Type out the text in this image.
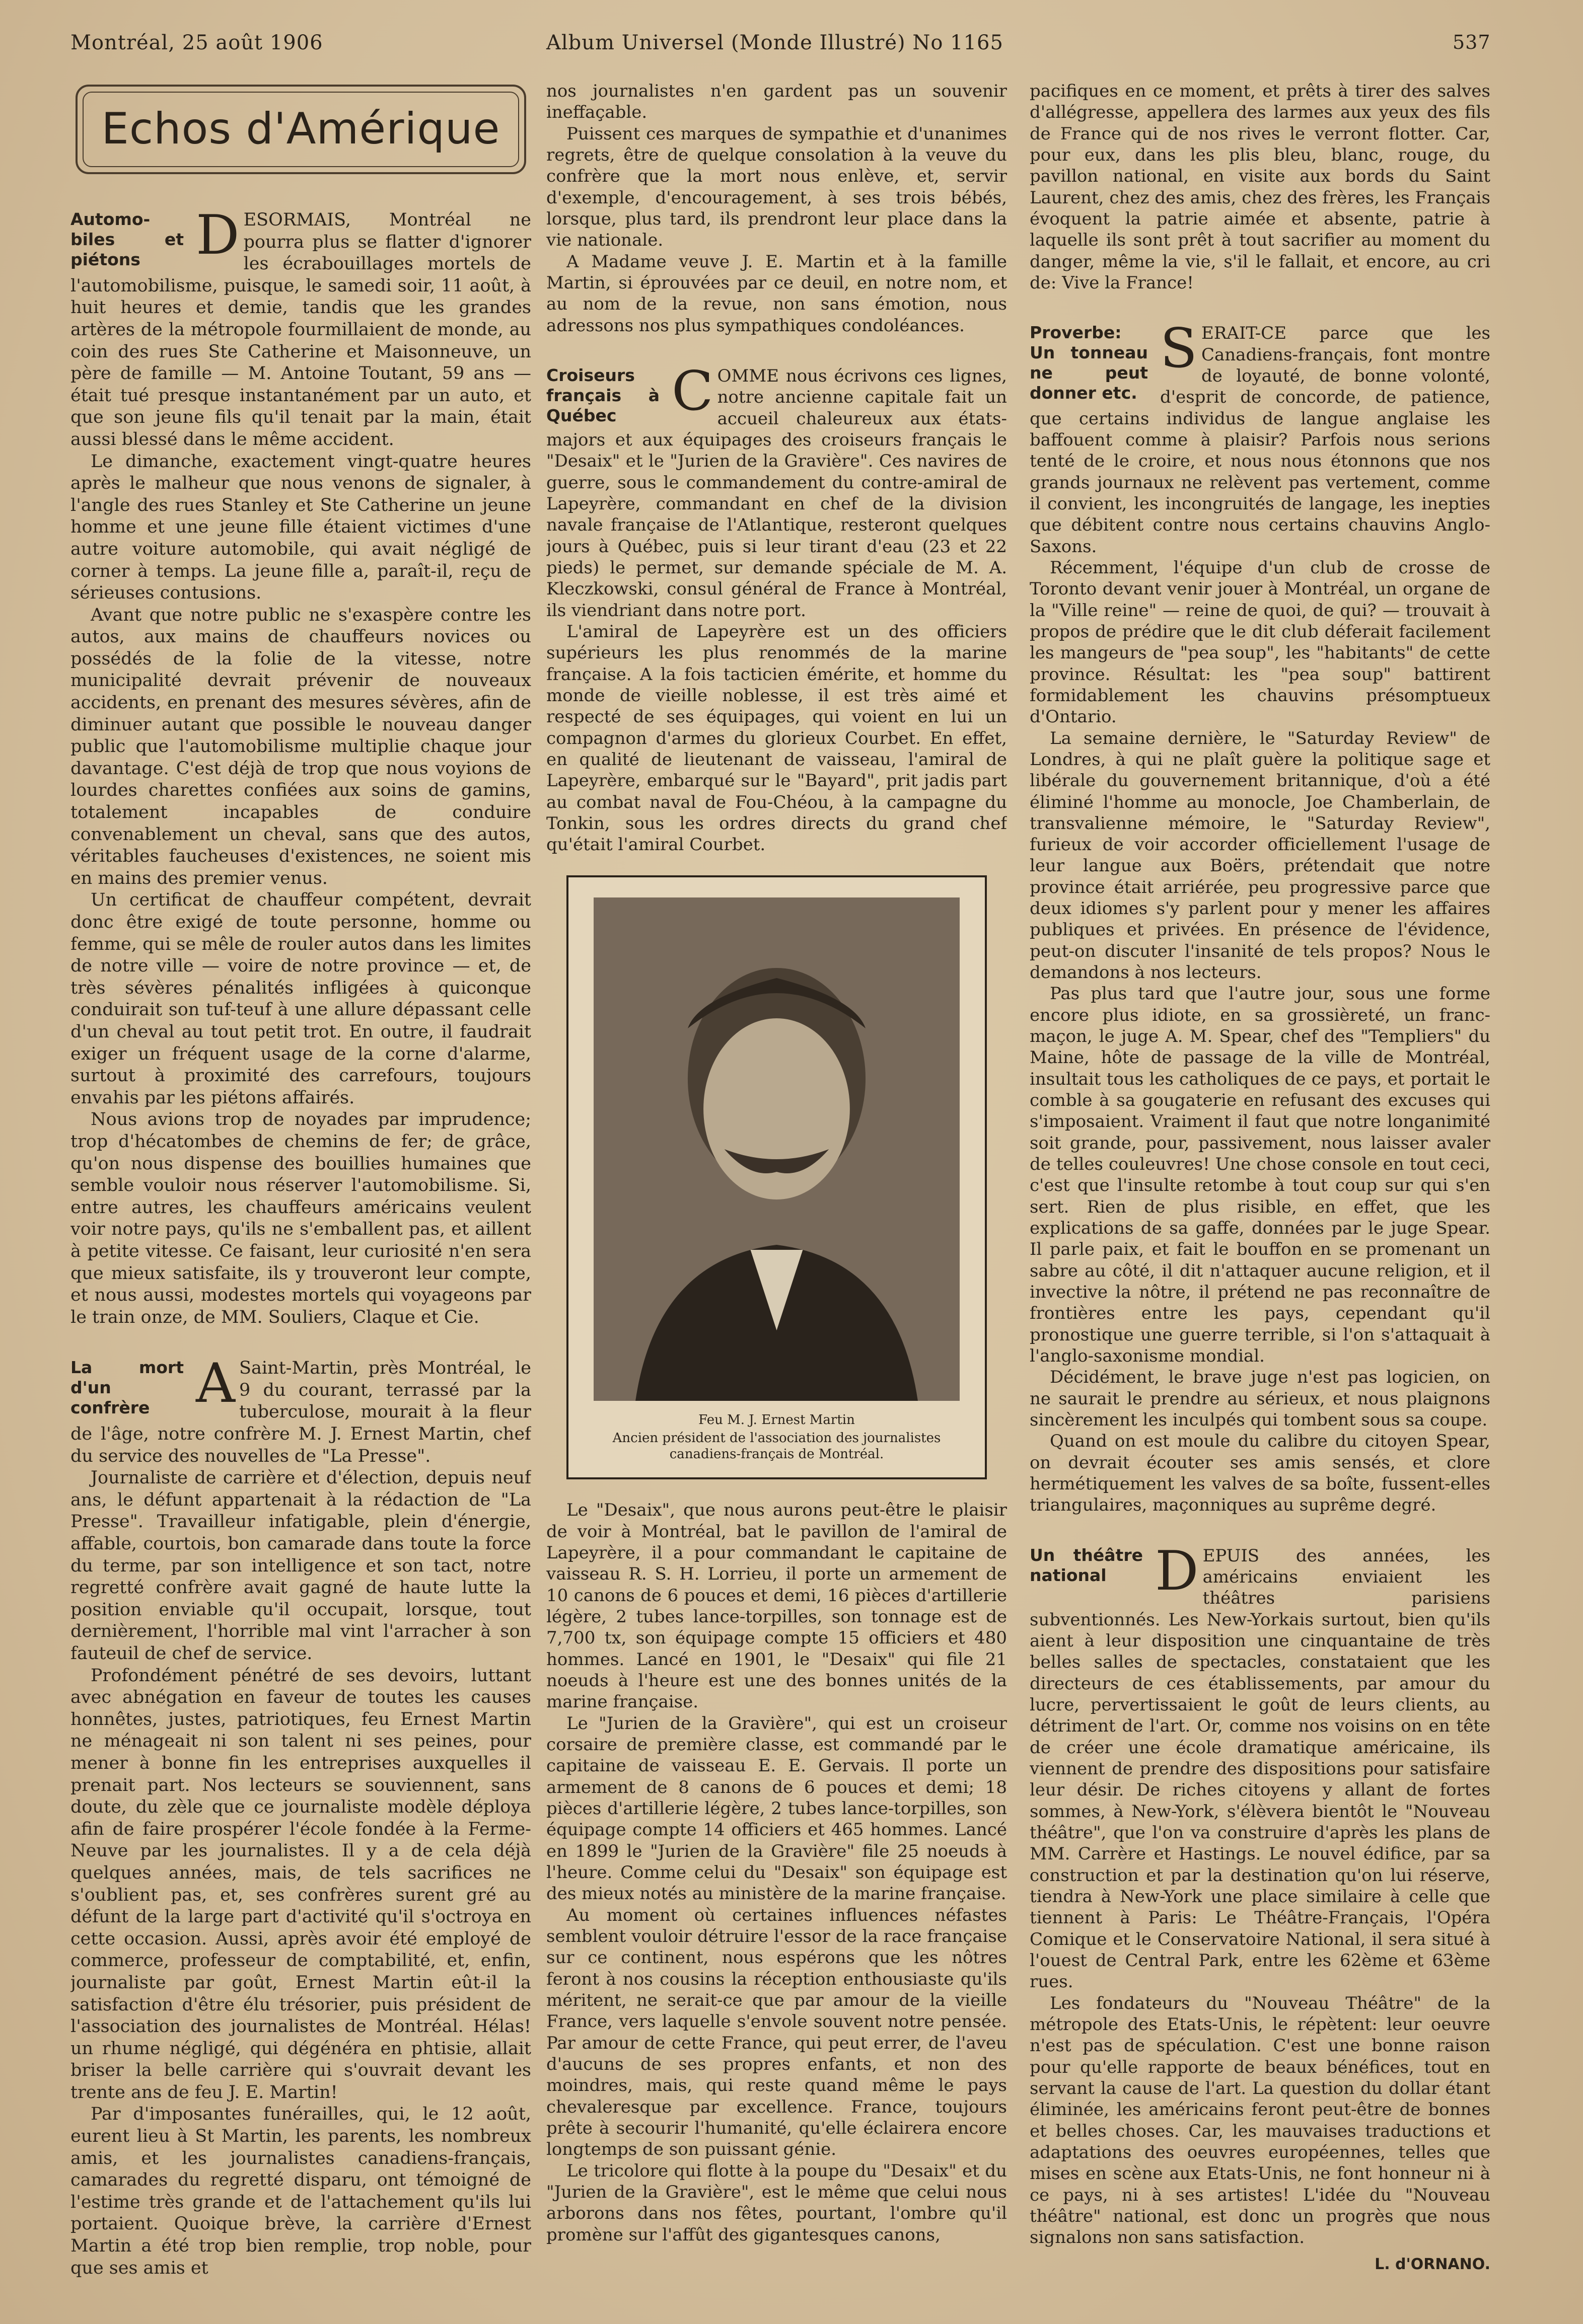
Montréal, 25 août 1906	Album Universel (Monde Illustré) No 1165	537
Echos d'Amérique
Automo-biles et piétons	D ESORMAIS, Montréal ne pourra plus se flatter d'ignorer les écrabouillages mortels de l'automobilisme, puisque, le samedi soir, 11 août, à huit heures et demie, tandis que les grandes artères de la métropole fourmillaient de monde, au coin des rues Ste Catherine et Maisonneuve, un père de famille — M. Antoine Toutant, 59 ans — était tué presque instantanément par un auto, et que son jeune fils qu'il tenait par la main, était aussi blessé dans le même accident.

Le dimanche, exactement vingt-quatre heures après le malheur que nous venons de signaler, à l'angle des rues Stanley et Ste Catherine un jeune homme et une jeune fille étaient victimes d'une autre voiture automobile, qui avait négligé de corner à temps. La jeune fille a, paraît-il, reçu de sérieuses contusions.

Avant que notre public ne s'exaspère contre les autos, aux mains de chauffeurs novices ou possédés de la folie de la vitesse, notre municipalité devrait prévenir de nouveaux accidents, en prenant des mesures sévères, afin de diminuer autant que possible le nouveau danger public que l'automobilisme multiplie chaque jour davantage. C'est déjà de trop que nous voyions de lourdes charettes confiées aux soins de gamins, totalement incapables de conduire convenablement un cheval, sans que des autos, véritables faucheuses d'existences, ne soient mis en mains des premier venus.

Un certificat de chauffeur compétent, devrait donc être exigé de toute personne, homme ou femme, qui se mêle de rouler autos dans les limites de notre ville — voire de notre province — et, de très sévères pénalités infligées à quiconque conduirait son tuf-teuf à une allure dépassant celle d'un cheval au tout petit trot. En outre, il faudrait exiger un fréquent usage de la corne d'alarme, surtout à proximité des carrefours, toujours envahis par les piétons affairés.

Nous avions trop de noyades par imprudence; trop d'hécatombes de chemins de fer; de grâce, qu'on nous dispense des bouillies humaines que semble vouloir nous réserver l'automobilisme. Si, entre autres, les chauffeurs américains veulent voir notre pays, qu'ils ne s'emballent pas, et aillent à petite vitesse. Ce faisant, leur curiosité n'en sera que mieux satisfaite, ils y trouveront leur compte, et nous aussi, modestes mortels qui voyageons par le train onze, de MM. Souliers, Claque et Cie.

La mort d'un confrère A Saint-Martin, près Montréal, le 9 du courant, terrassé par la tuberculose, mourait à la fleur de l'âge, notre confrère M. J. Ernest Martin, chef du service des nouvelles de "La Presse".

Journaliste de carrière et d'élection, depuis neuf ans, le défunt appartenait à la rédaction de "La Presse". Travailleur infatigable, plein d'énergie, affable, courtois, bon camarade dans toute la force du terme, par son intelligence et son tact, notre regretté confrère avait gagné de haute lutte la position enviable qu'il occupait, lorsque, tout dernièrement, l'horrible mal vint l'arracher à son fauteuil de chef de service.

Profondément pénétré de ses devoirs, luttant avec abnégation en faveur de toutes les causes honnêtes, justes, patriotiques, feu Ernest Martin ne ménageait ni son talent ni ses peines, pour mener à bonne fin les entreprises auxquelles il prenait part. Nos lecteurs se souviennent, sans doute, du zèle que ce journaliste modèle déploya afin de faire prospérer l'école fondée à la Ferme-Neuve par les journalistes. Il y a de cela déjà quelques années, mais, de tels sacrifices ne s'oublient pas, et, ses confrères surent gré au défunt de la large part d'activité qu'il s'octroya en cette occasion. Aussi, après avoir été employé de commerce, professeur de comptabilité, et, enfin, journaliste par goût, Ernest Martin eût-il la satisfaction d'être élu trésorier, puis président de l'association des journalistes de Montréal. Hélas! un rhume négligé, qui dégénéra en phtisie, allait briser la belle carrière qui s'ouvrait devant les trente ans de feu J. E. Martin!

Par d'imposantes funérailles, qui, le 12 août, eurent lieu à St Martin, les parents, les nombreux amis, et les journalistes canadiens-français, camarades du regretté disparu, ont témoigné de l'estime très grande et de l'attachement qu'ils lui portaient. Quoique brève, la carrière d'Ernest Martin a été trop bien remplie, trop noble, pour que ses amis et

nos journalistes n'en gardent pas un souvenir ineffaçable.

Puissent ces marques de sympathie et d'unanimes regrets, être de quelque consolation à la veuve du confrère que la mort nous enlève, et, servir d'exemple, d'encouragement, à ses trois bébés, lorsque, plus tard, ils prendront leur place dans la vie nationale.

A Madame veuve J. E. Martin et à la famille Martin, si éprouvées par ce deuil, en notre nom, et au nom de la revue, non sans émotion, nous adressons nos plus sympathiques condoléances.

Croiseurs français à Québec	C OMME nous écrivons ces lignes, notre ancienne capitale fait un accueil chaleureux aux états-majors et aux équipages des croiseurs français le "Desaix" et le "Jurien de la Gravière". Ces navires de guerre, sous le commandement du contre-amiral de Lapeyrère, commandant en chef de la division navale française de l'Atlantique, resteront quelques jours à Québec, puis si leur tirant d'eau (23 et 22 pieds) le permet, sur demande spéciale de M. A. Kleczkowski, consul général de France à Montréal, ils viendriant dans notre port.

L'amiral de Lapeyrère est un des officiers supérieurs les plus renommés de la marine française. A la fois tacticien émérite, et homme du monde de vieille noblesse, il est très aimé et respecté de ses équipages, qui voient en lui un compagnon d'armes du glorieux Courbet. En effet, en qualité de lieutenant de vaisseau, l'amiral de Lapeyrère, embarqué sur le "Bayard", prit jadis part au combat naval de Fou-Chéou, à la campagne du Tonkin, sous les ordres directs du grand chef qu'était l'amiral Courbet.

Feu M. J. Ernest Martin
Ancien président de l'association des journalistes canadiens-français de Montréal.

Le "Desaix", que nous aurons peut-être le plaisir de voir à Montréal, bat le pavillon de l'amiral de Lapeyrère, il a pour commandant le capitaine de vaisseau R. S. H. Lorrieu, il porte un armement de 10 canons de 6 pouces et demi, 16 pièces d'artillerie légère, 2 tubes lance-torpilles, son tonnage est de 7,700 tx, son équipage compte 15 officiers et 480 hommes. Lancé en 1901, le "Desaix" qui file 21 noeuds à l'heure est une des bonnes unités de la marine française.

Le "Jurien de la Gravière", qui est un croiseur corsaire de première classe, est commandé par le capitaine de vaisseau E. E. Gervais. Il porte un armement de 8 canons de 6 pouces et demi; 18 pièces d'artillerie légère, 2 tubes lance-torpilles, son équipage compte 14 officiers et 465 hommes. Lancé en 1899 le "Jurien de la Gravière" file 25 noeuds à l'heure. Comme celui du "Desaix" son équipage est des mieux notés au ministère de la marine française.

Au moment où certaines influences néfastes semblent vouloir détruire l'essor de la race française sur ce continent, nous espérons que les nôtres feront à nos cousins la réception enthousiaste qu'ils méritent, ne serait-ce que par amour de la vieille France, vers laquelle s'envole souvent notre pensée. Par amour de cette France, qui peut errer, de l'aveu d'aucuns de ses propres enfants, et non des moindres, mais, qui reste quand même le pays chevaleresque par excellence. France, toujours prête à secourir l'humanité, qu'elle éclairera encore longtemps de son puissant génie.

Le tricolore qui flotte à la poupe du "Desaix" et du "Jurien de la Gravière", est le même que celui nous arborons dans nos fêtes, pourtant, l'ombre qu'il promène sur l'affût des gigantesques canons,

pacifiques en ce moment, et prêts à tirer des salves d'allégresse, appellera des larmes aux yeux des fils de France qui de nos rives le verront flotter. Car, pour eux, dans les plis bleu, blanc, rouge, du pavillon national, en visite aux bords du Saint Laurent, chez des amis, chez des frères, les Français évoquent la patrie aimée et absente, patrie à laquelle ils sont prêt à tout sacrifier au moment du danger, même la vie, s'il le fallait, et encore, au cri de: Vive la France!

Proverbe: Un tonneau ne peut donner etc.
S ERAIT-CE parce que les Canadiens-français, font montre de loyauté, de bonne volonté, d'esprit de concorde, de patience, que certains individus de langue anglaise les baffouent comme à plaisir? Parfois nous serions tenté de le croire, et nous nous étonnons que nos grands journaux ne relèvent pas vertement, comme il convient, les incongruités de langage, les inepties que débitent contre nous certains chauvins Anglo-Saxons.

Récemment, l'équipe d'un club de crosse de Toronto devant venir jouer à Montréal, un organe de la "Ville reine" — reine de quoi, de qui? — trouvait à propos de prédire que le dit club déferait facilement les mangeurs de "pea soup", les "habitants" de cette province. Résultat: les "pea soup" battirent formidablement les chauvins présomptueux d'Ontario.

La semaine dernière, le "Saturday Review" de Londres, à qui ne plaît guère la politique sage et libérale du gouvernement britannique, d'où a été éliminé l'homme au monocle, Joe Chamberlain, de transvalienne mémoire, le "Saturday Review", furieux de voir accorder officiellement l'usage de leur langue aux Boërs, prétendait que notre province était arriérée, peu progressive parce que deux idiomes s'y parlent pour y mener les affaires publiques et privées. En présence de l'évidence, peut-on discuter l'insanité de tels propos? Nous le demandons à nos lecteurs.

Pas plus tard que l'autre jour, sous une forme encore plus idiote, en sa grossièreté, un franc-maçon, le juge A. M. Spear, chef des "Templiers" du Maine, hôte de passage de la ville de Montréal, insultait tous les catholiques de ce pays, et portait le comble à sa gougaterie en refusant des excuses qui s'imposaient. Vraiment il faut que notre longanimité soit grande, pour, passivement, nous laisser avaler de telles couleuvres! Une chose console en tout ceci, c'est que l'insulte retombe à tout coup sur qui s'en sert. Rien de plus risible, en effet, que les explications de sa gaffe, données par le juge Spear. Il parle paix, et fait le bouffon en se promenant un sabre au côté, il dit n'attaquer aucune religion, et il invective la nôtre, il prétend ne pas reconnaître de frontières entre les pays, cependant qu'il pronostique une guerre terrible, si l'on s'attaquait à l'anglo-saxonisme mondial.

Décidément, le brave juge n'est pas logicien, on ne saurait le prendre au sérieux, et nous plaignons sincèrement les inculpés qui tombent sous sa coupe.

Quand on est moule du calibre du citoyen Spear, on devrait écouter ses amis sensés, et clore hermétiquement les valves de sa boîte, fussent-elles triangulaires, maçonniques au suprême degré.

Un théâtre national D EPUIS des années, les américains enviaient les théâtres parisiens subventionnés. Les New-Yorkais surtout, bien qu'ils aient à leur disposition une cinquantaine de très belles salles de spectacles, constataient que les directeurs de ces établissements, par amour du lucre, pervertissaient le goût de leurs clients, au détriment de l'art. Or, comme nos voisins on en tête de créer une école dramatique américaine, ils viennent de prendre des dispositions pour satisfaire leur désir. De riches citoyens y allant de fortes sommes, à New-York, s'élèvera bientôt le "Nouveau théâtre", que l'on va construire d'après les plans de MM. Carrère et Hastings. Le nouvel édifice, par sa construction et par la destination qu'on lui réserve, tiendra à New-York une place similaire à celle que tiennent à Paris: Le Théâtre-Français, l'Opéra Comique et le Conservatoire National, il sera situé à l'ouest de Central Park, entre les 62ème et 63ème rues.

Les fondateurs du "Nouveau Théâtre" de la métropole des Etats-Unis, le répètent: leur oeuvre n'est pas de spéculation. C'est une bonne raison pour qu'elle rapporte de beaux bénéfices, tout en servant la cause de l'art. La question du dollar étant éliminée, les américains feront peut-être de bonnes et belles choses. Car, les mauvaises traductions et adaptations des oeuvres européennes, telles que mises en scène aux Etats-Unis, ne font honneur ni à ce pays, ni à ses artistes! L'idée du "Nouveau théâtre" national, est donc un progrès que nous signalons non sans satisfaction.

L. d'ORNANO.
